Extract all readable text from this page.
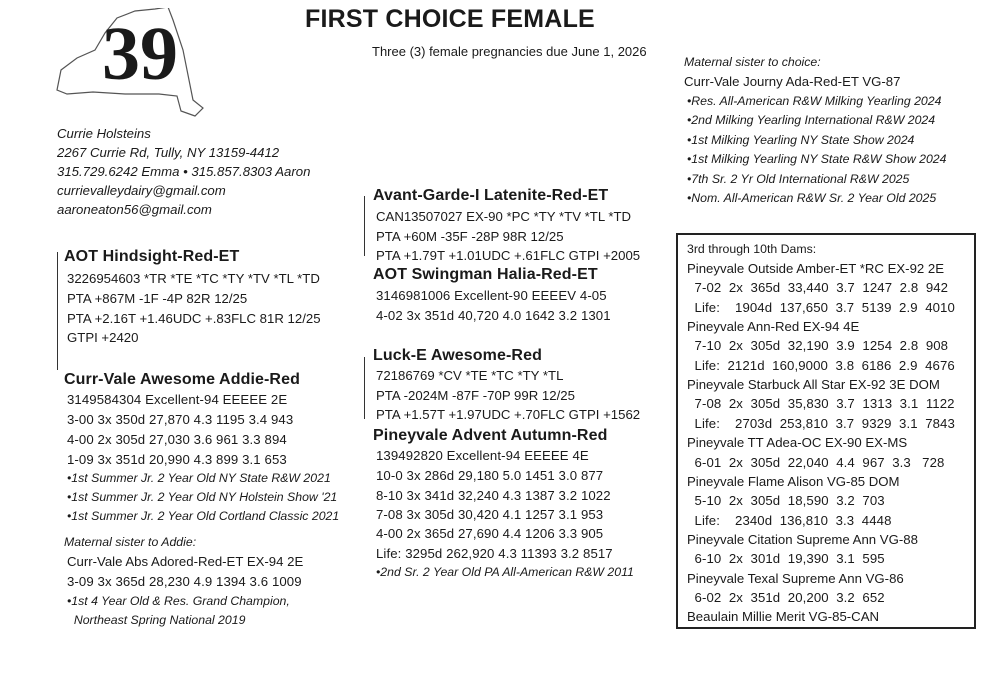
39	FIRST CHOICE FEMALE
Three (3) female pregnancies due June 1, 2026
Currie Holsteins
2267 Currie Rd, Tully, NY 13159-4412
315.729.6242 Emma • 315.857.8303 Aaron
currievalleydairy@gmail.com
aaroneaton56@gmail.com
AOT Hindsight-Red-ET
3226954603 *TR *TE *TC *TY *TV *TL *TD
PTA +867M -1F -4P 82R 12/25
PTA +2.16T +1.46UDC +.83FLC 81R 12/25
GTPI +2420
Curr-Vale Awesome Addie-Red
3149584304 Excellent-94 EEEEE 2E
3-00 3x 350d 27,870 4.3 1195 3.4 943
4-00 2x 305d 27,030 3.6 961 3.3 894
1-09 3x 351d 20,990 4.3 899 3.1 653
•1st Summer Jr. 2 Year Old NY State R&W 2021
•1st Summer Jr. 2 Year Old NY Holstein Show '21
•1st Summer Jr. 2 Year Old Cortland Classic 2021
Maternal sister to Addie:
Curr-Vale Abs Adored-Red-ET EX-94 2E
3-09 3x 365d 28,230 4.9 1394 3.6 1009
•1st 4 Year Old & Res. Grand Champion,
Northeast Spring National 2019
Avant-Garde-I Latenite-Red-ET
CAN13507027 EX-90 *PC *TY *TV *TL *TD
PTA +60M -35F -28P 98R 12/25
PTA +1.79T +1.01UDC +.61FLC GTPI +2005
AOT Swingman Halia-Red-ET
3146981006 Excellent-90 EEEEV 4-05
4-02 3x 351d 40,720 4.0 1642 3.2 1301
Luck-E Awesome-Red
72186769 *CV *TE *TC *TY *TL
PTA -2024M -87F -70P 99R 12/25
PTA +1.57T +1.97UDC +.70FLC GTPI +1562
Pineyvale Advent Autumn-Red
139492820 Excellent-94 EEEEE 4E
10-0 3x 286d 29,180 5.0 1451 3.0 877
8-10 3x 341d 32,240 4.3 1387 3.2 1022
7-08 3x 305d 30,420 4.1 1257 3.1 953
4-00 2x 365d 27,690 4.4 1206 3.3 905
Life: 3295d 262,920 4.3 11393 3.2 8517
•2nd Sr. 2 Year Old PA All-American R&W 2011
Maternal sister to choice:
Curr-Vale Journy Ada-Red-ET VG-87
•Res. All-American R&W Milking Yearling 2024
•2nd Milking Yearling International R&W 2024
•1st Milking Yearling NY State Show 2024
•1st Milking Yearling NY State R&W Show 2024
•7th Sr. 2 Yr Old International R&W 2025
•Nom. All-American R&W Sr. 2 Year Old 2025
3rd through 10th Dams:
Pineyvale Outside Amber-ET *RC EX-92 2E
7-02  2x  365d  33,440  3.7  1247  2.8  942
Life:    1904d  137,650  3.7  5139  2.9  4010
Pineyvale Ann-Red EX-94 4E
7-10  2x  305d  32,190  3.9  1254  2.8  908
Life:  2121d  160,9000  3.8  6186  2.9  4676
Pineyvale Starbuck All Star EX-92 3E DOM
7-08  2x  305d  35,830  3.7  1313  3.1  1122
Life:    2703d  253,810  3.7  9329  3.1  7843
Pineyvale TT Adea-OC EX-90 EX-MS
6-01  2x  305d  22,040  4.4  967  3.3   728
Pineyvale Flame Alison VG-85 DOM
5-10  2x  305d  18,590  3.2  703
Life:    2340d  136,810  3.3  4448
Pineyvale Citation Supreme Ann VG-88
6-10  2x  301d  19,390  3.1  595
Pineyvale Texal Supreme Ann VG-86
6-02  2x  351d  20,200  3.2  652
Beaulain Millie Merit VG-85-CAN
